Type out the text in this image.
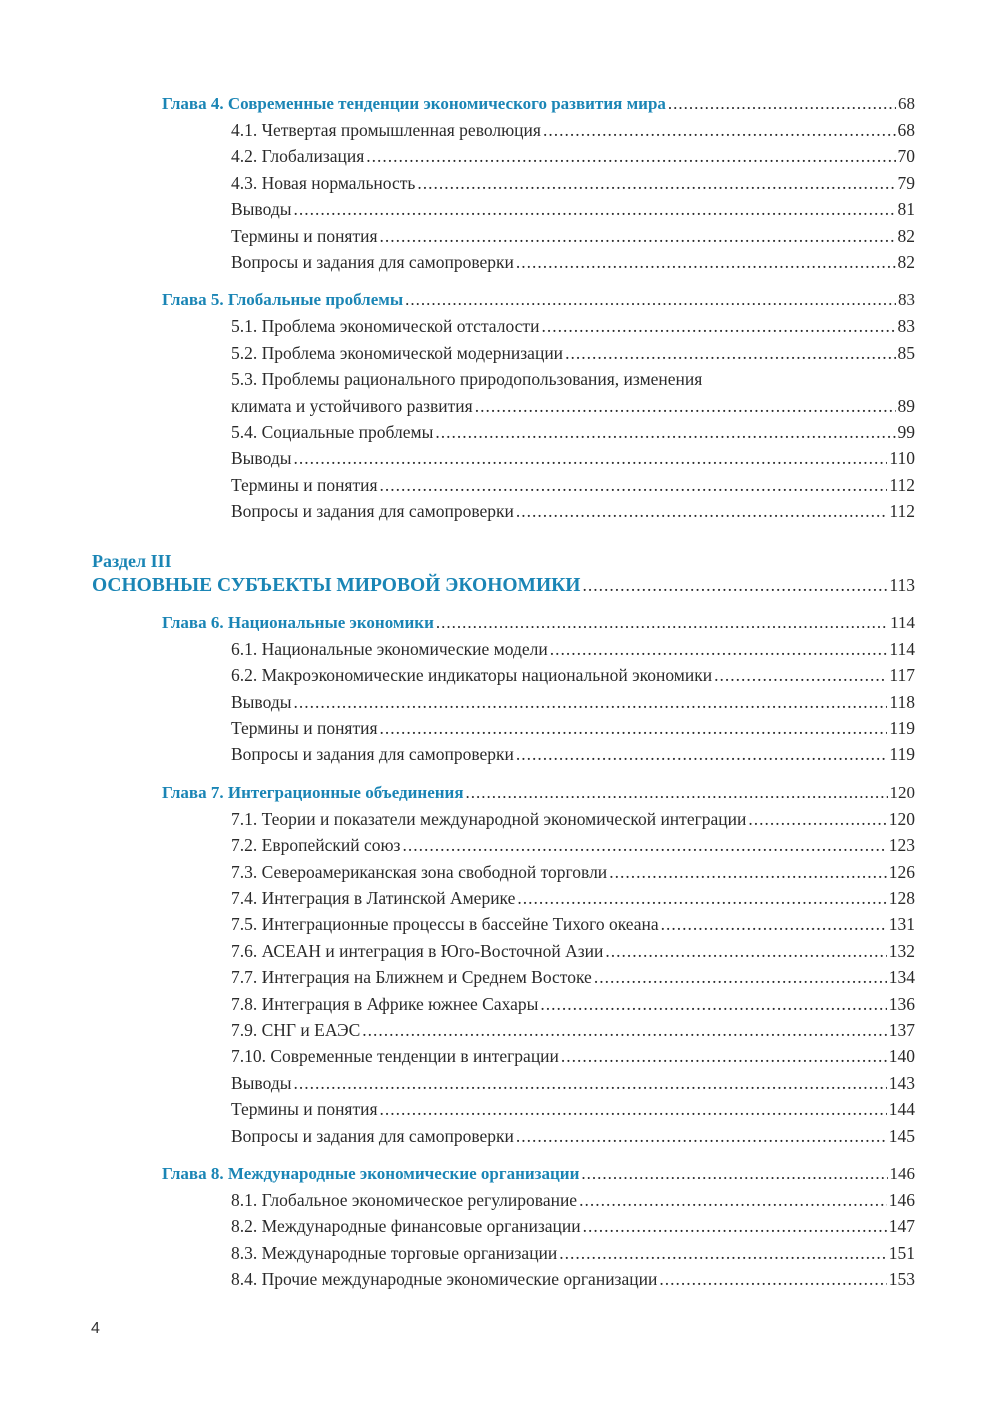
Глава 4. Современные тенденции экономического развития мира .....	68
4.1. Четвертая промышленная революция .....	68
4.2. Глобализация .....	70
4.3. Новая нормальность .....	79
Выводы .....	81
Термины и понятия .....	82
Вопросы и задания для самопроверки .....	82
Глава 5. Глобальные проблемы .....	83
5.1. Проблема экономической отсталости .....	83
5.2. Проблема экономической модернизации .....	85
5.3. Проблемы рационального природопользования, изменения
климата и устойчивого развития .....	89
5.4. Социальные проблемы .....	99
Выводы .....	110
Термины и понятия .....	112
Вопросы и задания для самопроверки .....	112
Раздел III
ОСНОВНЫЕ СУБЪЕКТЫ МИРОВОЙ ЭКОНОМИКИ .....	113
Глава 6. Национальные экономики .....	114
6.1. Национальные экономические модели .....	114
6.2. Макроэкономические индикаторы национальной экономики .....	117
Выводы .....	118
Термины и понятия .....	119
Вопросы и задания для самопроверки .....	119
Глава 7. Интеграционные объединения .....	120
7.1. Теории и показатели международной экономической интеграции .....	120
7.2. Европейский союз .....	123
7.3. Североамериканская зона свободной торговли .....	126
7.4. Интеграция в Латинской Америке .....	128
7.5. Интеграционные процессы в бассейне Тихого океана .....	131
7.6. АСЕАН и интеграция в Юго-Восточной Азии .....	132
7.7. Интеграция на Ближнем и Среднем Востоке .....	134
7.8. Интеграция в Африке южнее Сахары .....	136
7.9. СНГ и ЕАЭС .....	137
7.10. Современные тенденции в интеграции .....	140
Выводы .....	143
Термины и понятия .....	144
Вопросы и задания для самопроверки .....	145
Глава 8. Международные экономические организации .....	146
8.1. Глобальное экономическое регулирование .....	146
8.2. Международные финансовые организации .....	147
8.3. Международные торговые организации .....	151
8.4. Прочие международные экономические организации .....	153
4
